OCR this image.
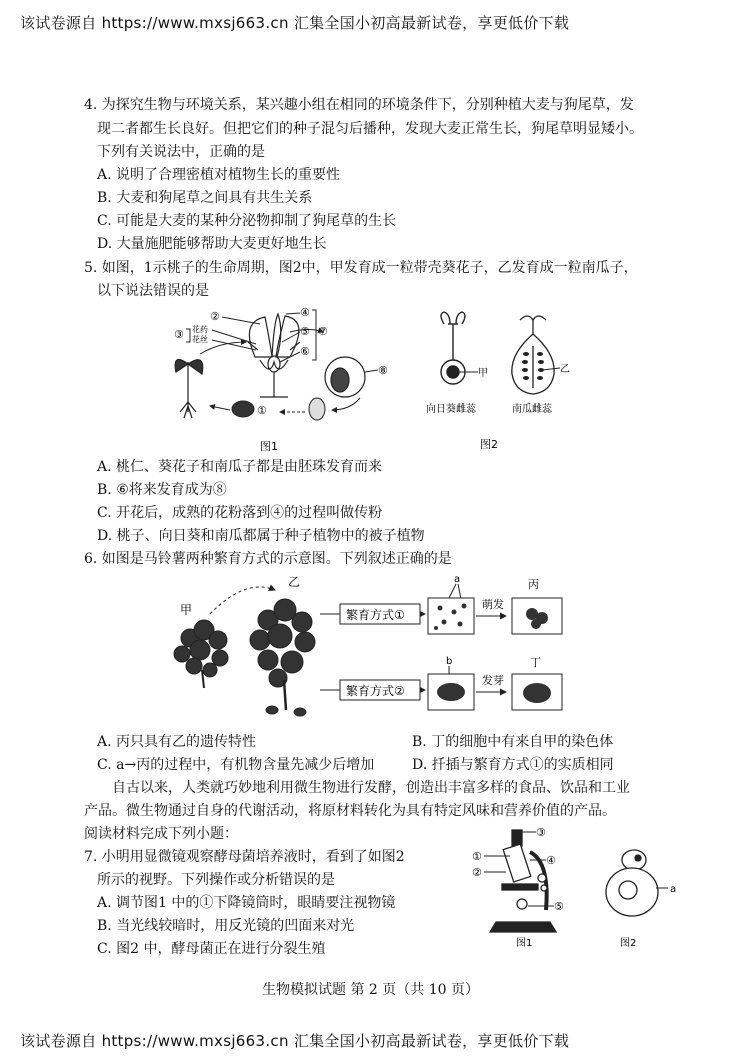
该试卷源自 https://www.mxsj663.cn 汇集全国小初高最新试卷，享更低价下载
4. 为探究生物与环境关系，某兴趣小组在相同的环境条件下，分别种植大麦与狗尾草，发
现二者都生长良好。但把它们的种子混匀后播种，发现大麦正常生长，狗尾草明显矮小。
下列有关说法中，正确的是
A. 说明了合理密植对植物生长的重要性
B. 大麦和狗尾草之间具有共生关系
C. 可能是大麦的某种分泌物抑制了狗尾草的生长
D. 大量施肥能够帮助大麦更好地生长
5. 如图，1示桃子的生命周期，图2中，甲发育成一粒带壳葵花子，乙发育成一粒南瓜子，
以下说法错误的是
②	④
③ 花药
花丝
⑤ ⑦
⑥
⑧
①
图1
甲	乙
向日葵雌蕊	南瓜雌蕊
图2
A. 桃仁、葵花子和南瓜子都是由胚珠发育而来
B. ⑥将来发育成为⑧
C. 开花后，成熟的花粉落到④的过程叫做传粉
D. 桃子、向日葵和南瓜都属于种子植物中的被子植物
6. 如图是马铃薯两种繁育方式的示意图。下列叙述正确的是
甲
乙
繁育方式①
a
萌发
丙
繁育方式②
b
发芽
丁
A. 丙只具有乙的遗传特性	B. 丁的细胞中有来自甲的染色体
C. a→丙的过程中，有机物含量先减少后增加	D. 扦插与繁育方式①的实质相同
自古以来，人类就巧妙地利用微生物进行发酵，创造出丰富多样的食品、饮品和工业
产品。微生物通过自身的代谢活动，将原材料转化为具有特定风味和营养价值的产品。
阅读材料完成下列小题：
7. 小明用显微镜观察酵母菌培养液时，看到了如图2
所示的视野。下列操作或分析错误的是
A. 调节图1 中的①下降镜筒时，眼睛要注视物镜
B. 当光线较暗时，用反光镜的凹面来对光
C. 图2 中，酵母菌正在进行分裂生殖
③
①	④
②
⑤
图1
a
图2
生物模拟试题 第 2 页（共 10 页）
该试卷源自 https://www.mxsj663.cn 汇集全国小初高最新试卷，享更低价下载
